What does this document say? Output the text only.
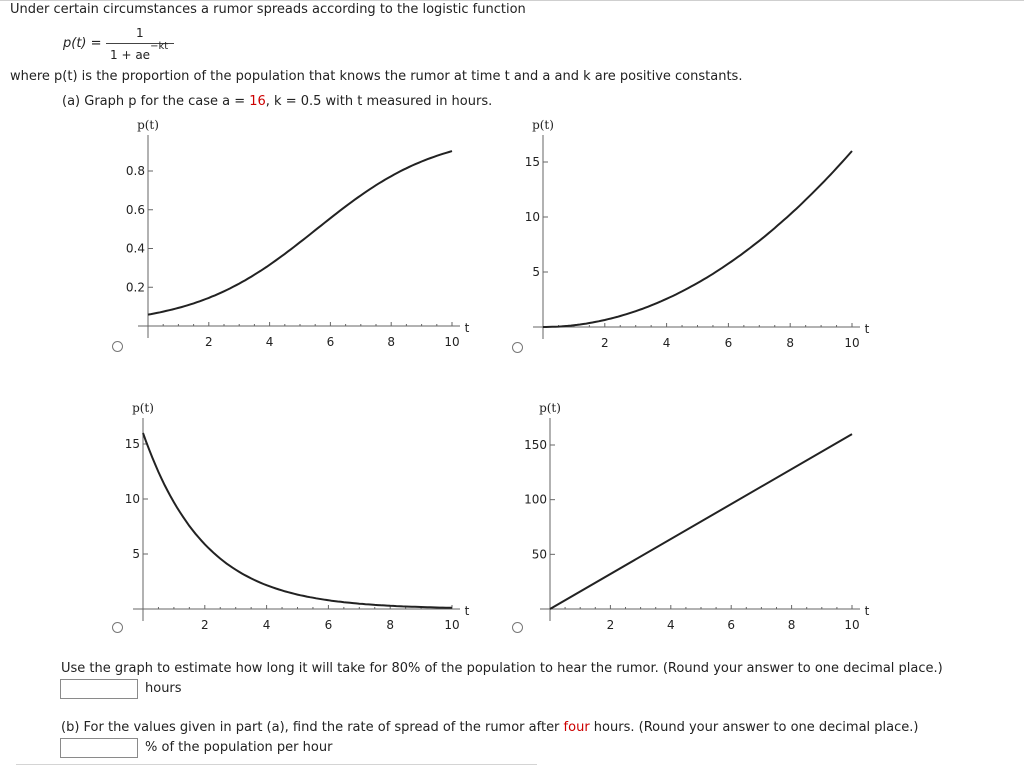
Under certain circumstances a rumor spreads according to the logistic function
p(t) =
1
$1 + ae^{-kt}$
where p(t) is the proportion of the population that knows the rumor at time t and a and k are positive constants.
(a) Graph p for the case a = 16, k = 0.5 with t measured in hours.
2	4	6	8	10
t
0.2
0.4
0.6
0.8
p(t)
2	4	6	8	10
t
5
10
15
p(t)
2	4	6	8	10
t
5
10
15
p(t)
2	4	6	8	10
t
50
100
150
p(t)
Use the graph to estimate how long it will take for 80% of the population to hear the rumor. (Round your answer to one decimal place.)
hours
(b) For the values given in part (a), find the rate of spread of the rumor after four hours. (Round your answer to one decimal place.)
% of the population per hour
